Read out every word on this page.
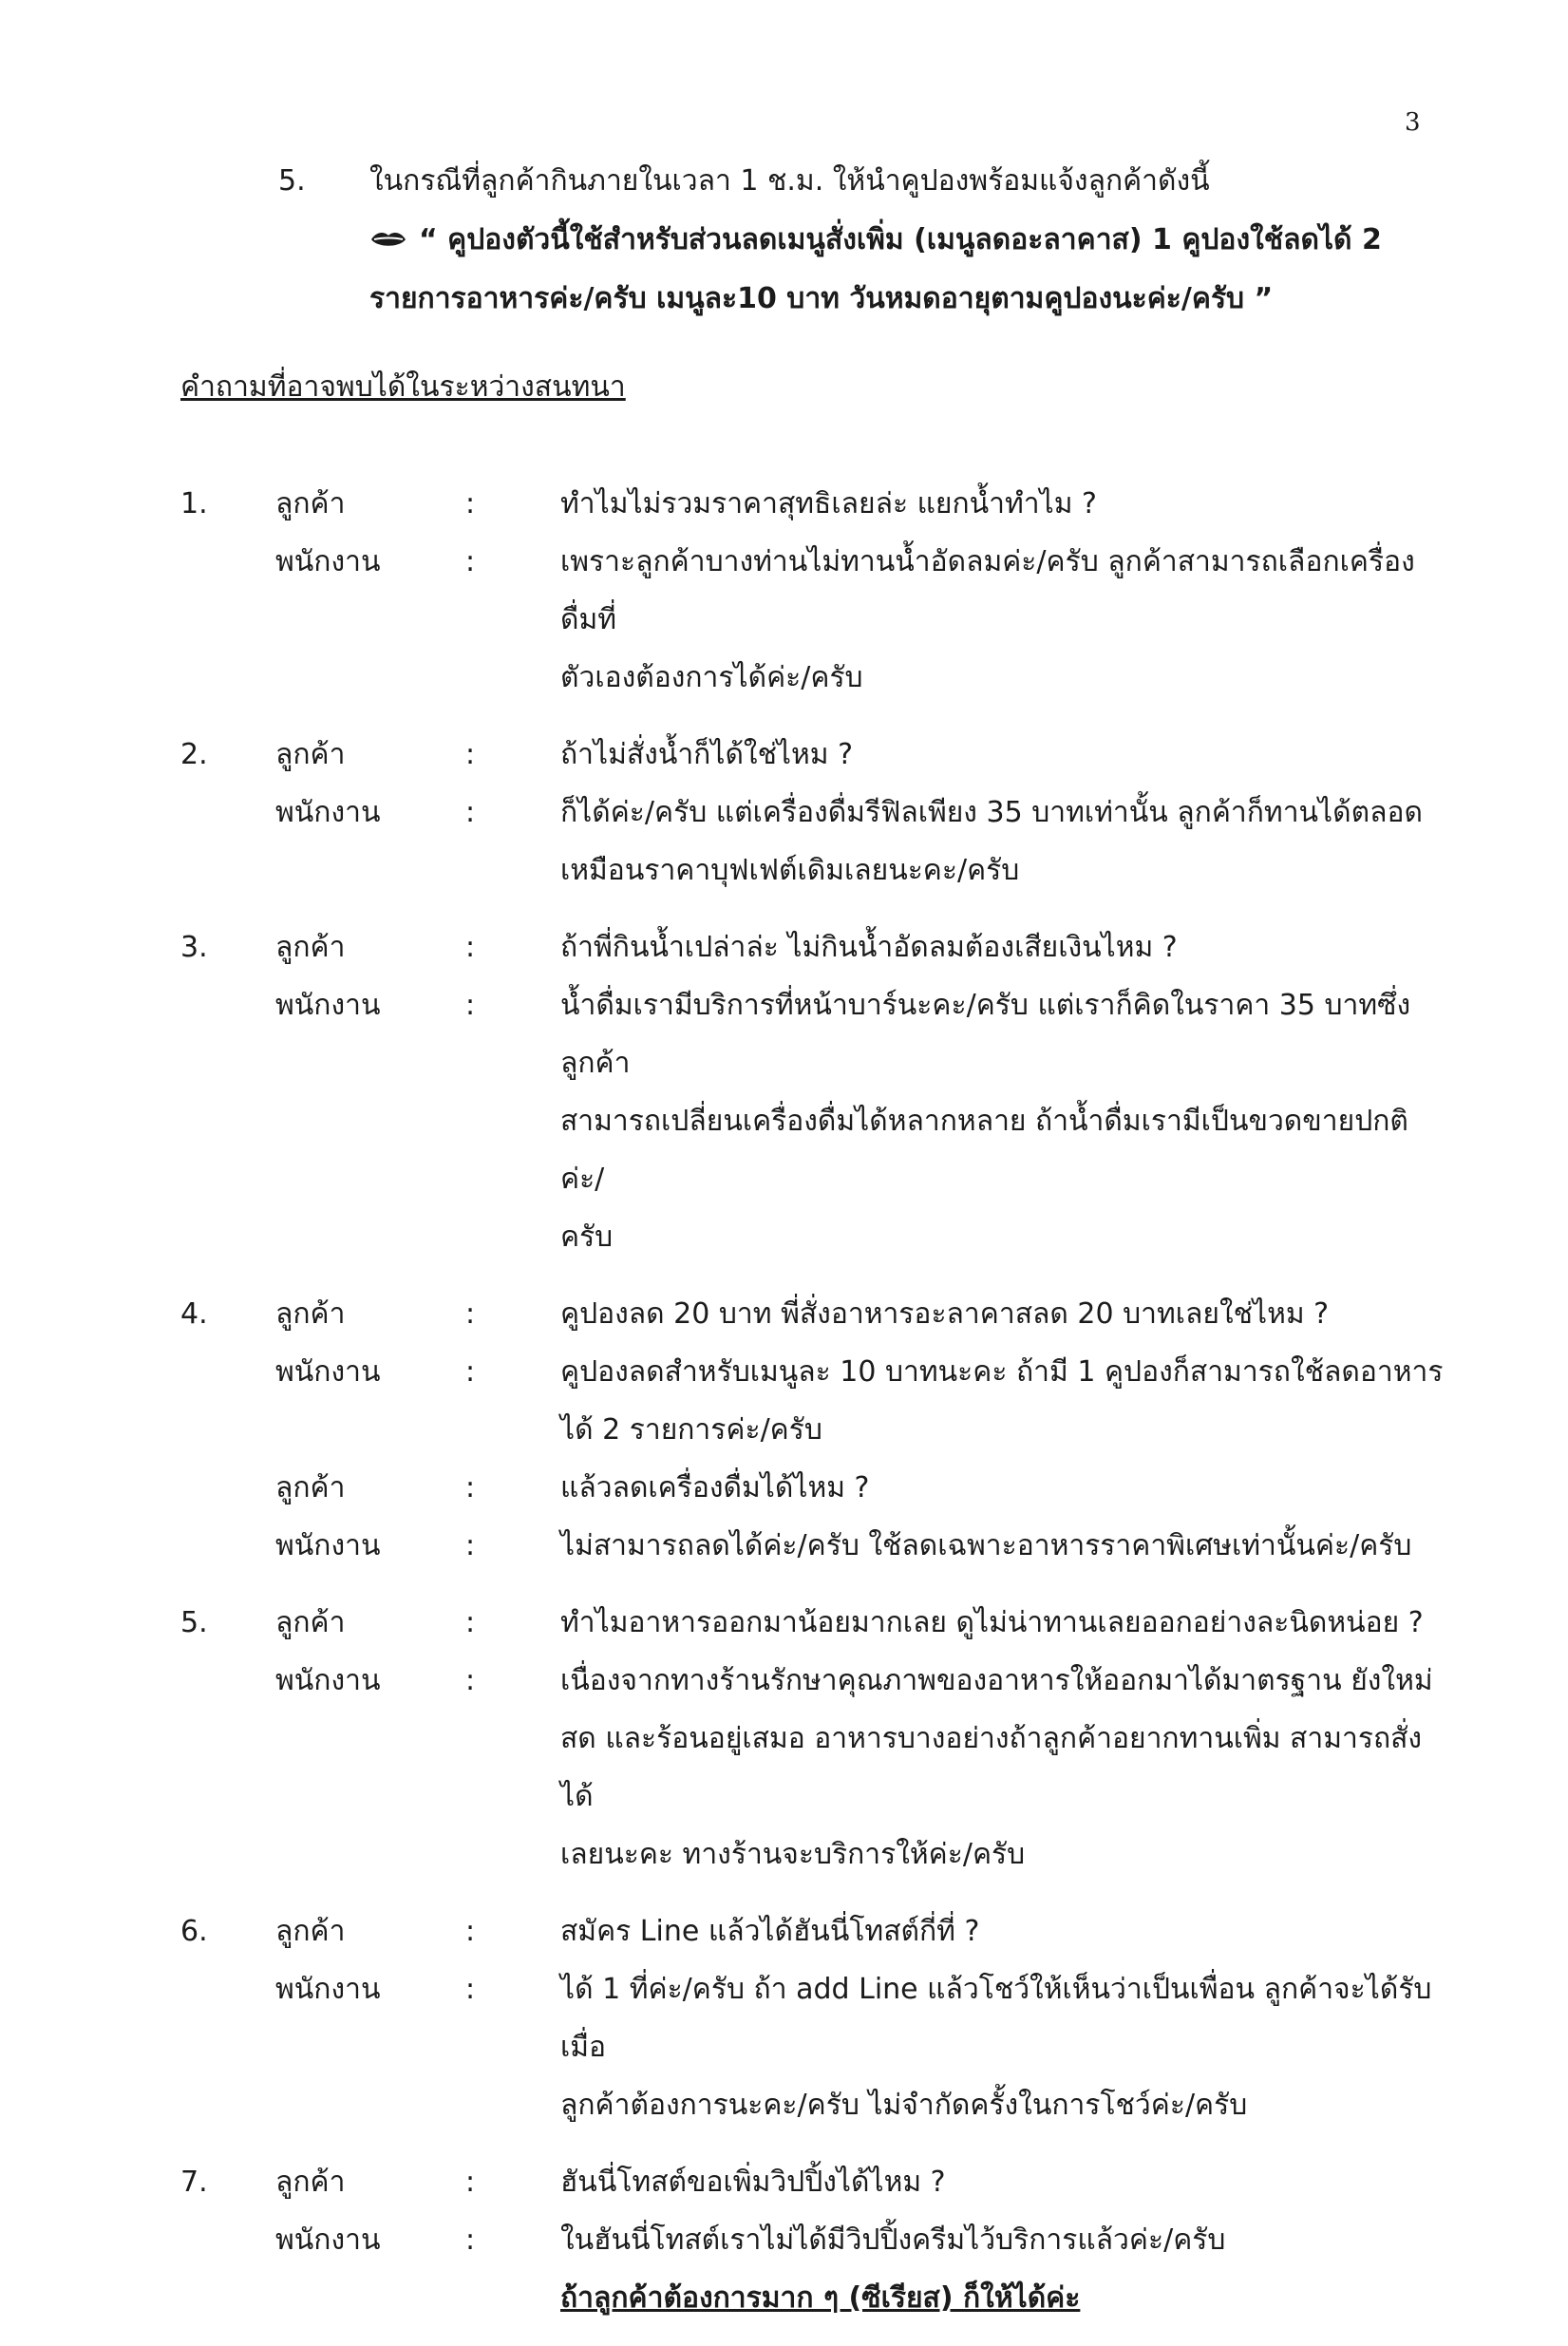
3
5. ในกรณีที่ลูกค้ากินภายในเวลา 1 ช.ม. ให้นำคูปองพร้อมแจ้งลูกค้าดังนี้
“ คูปองตัวนี้ใช้สำหรับส่วนลดเมนูสั่งเพิ่ม (เมนูลดอะลาคาส) 1 คูปองใช้ลดได้ 2
รายการอาหารค่ะ/ครับ เมนูละ10 บาท วันหมดอายุตามคูปองนะค่ะ/ครับ ”
คำถามที่อาจพบได้ในระหว่างสนทนา
1.	ลูกค้า	:	ทำไมไม่รวมราคาสุทธิเลยล่ะ แยกน้ำทำไม ?
พนักงาน	:	เพราะลูกค้าบางท่านไม่ทานน้ำอัดลมค่ะ/ครับ ลูกค้าสามารถเลือกเครื่องดื่มที่
ตัวเองต้องการได้ค่ะ/ครับ
2.	ลูกค้า	:	ถ้าไม่สั่งน้ำก็ได้ใช่ไหม ?
พนักงาน	:	ก็ได้ค่ะ/ครับ แต่เครื่องดื่มรีฟิลเพียง 35 บาทเท่านั้น ลูกค้าก็ทานได้ตลอด
เหมือนราคาบุฟเฟต์เดิมเลยนะคะ/ครับ
3.	ลูกค้า	:	ถ้าพี่กินน้ำเปล่าล่ะ ไม่กินน้ำอัดลมต้องเสียเงินไหม ?
พนักงาน	:	น้ำดื่มเรามีบริการที่หน้าบาร์นะคะ/ครับ แต่เราก็คิดในราคา 35 บาทซึ่งลูกค้า
สามารถเปลี่ยนเครื่องดื่มได้หลากหลาย ถ้าน้ำดื่มเรามีเป็นขวดขายปกติค่ะ/
ครับ
4.	ลูกค้า	:	คูปองลด 20 บาท พี่สั่งอาหารอะลาคาสลด 20 บาทเลยใช่ไหม ?
พนักงาน	:	คูปองลดสำหรับเมนูละ 10 บาทนะคะ ถ้ามี 1 คูปองก็สามารถใช้ลดอาหาร
ได้ 2 รายการค่ะ/ครับ
ลูกค้า	:	แล้วลดเครื่องดื่มได้ไหม ?
พนักงาน	:	ไม่สามารถลดได้ค่ะ/ครับ ใช้ลดเฉพาะอาหารราคาพิเศษเท่านั้นค่ะ/ครับ
5.	ลูกค้า	:	ทำไมอาหารออกมาน้อยมากเลย ดูไม่น่าทานเลยออกอย่างละนิดหน่อย ?
พนักงาน	:	เนื่องจากทางร้านรักษาคุณภาพของอาหารให้ออกมาได้มาตรฐาน ยังใหม่
สด และร้อนอยู่เสมอ อาหารบางอย่างถ้าลูกค้าอยากทานเพิ่ม สามารถสั่งได้
เลยนะคะ ทางร้านจะบริการให้ค่ะ/ครับ
6.	ลูกค้า	:	สมัคร Line แล้วได้ฮันนี่โทสต์กี่ที่ ?
พนักงาน	:	ได้ 1 ที่ค่ะ/ครับ ถ้า add Line แล้วโชว์ให้เห็นว่าเป็นเพื่อน ลูกค้าจะได้รับเมื่อ
ลูกค้าต้องการนะคะ/ครับ ไม่จำกัดครั้งในการโชว์ค่ะ/ครับ
7.	ลูกค้า	:	ฮันนี่โทสต์ขอเพิ่มวิปปิ้งได้ไหม ?
พนักงาน	:	ในฮันนี่โทสต์เราไม่ได้มีวิปปิ้งครีมไว้บริการแล้วค่ะ/ครับ
ถ้าลูกค้าต้องการมาก ๆ (ซีเรียส) ก็ให้ได้ค่ะ
